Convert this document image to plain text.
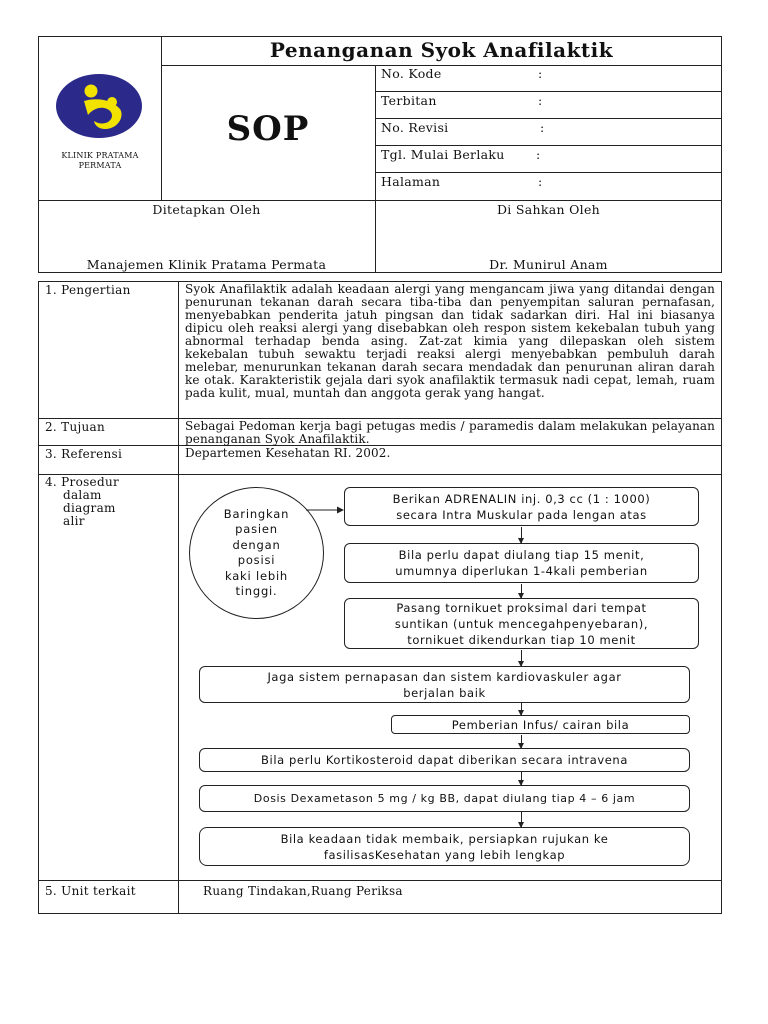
KLINIK PRATAMA
PERMATA
Penanganan Syok Anafilaktik
SOP
No. Kode	:
Terbitan	:
No. Revisi	:
Tgl. Mulai Berlaku	:
Halaman	:
Ditetapkan Oleh
Manajemen Klinik Pratama Permata
Di Sahkan Oleh
Dr. Munirul Anam
1. Pengertian	Syok Anafilaktik adalah keadaan alergi yang mengancam jiwa yang ditandai dengan penurunan tekanan darah secara tiba-tiba dan penyempitan saluran pernafasan, menyebabkan penderita jatuh pingsan dan tidak sadarkan diri. Hal ini biasanya dipicu oleh reaksi alergi yang disebabkan oleh respon sistem kekebalan tubuh yang abnormal terhadap benda asing. Zat-zat kimia yang dilepaskan oleh sistem kekebalan tubuh sewaktu terjadi reaksi alergi menyebabkan pembuluh darah melebar, menurunkan tekanan darah secara mendadak dan penurunan aliran darah ke otak. Karakteristik gejala dari syok anafilaktik termasuk nadi cepat, lemah, ruam pada kulit, mual, muntah dan anggota gerak yang hangat.
2. Tujuan	Sebagai Pedoman kerja bagi petugas medis / paramedis dalam melakukan pelayanan penanganan Syok Anafilaktik.
3. Referensi	Departemen Kesehatan RI. 2002.
4. Prosedur
dalam
diagram
alir
Baringkan
pasien
dengan
posisi
kaki lebih
tinggi.
Berikan ADRENALIN inj. 0,3 cc (1 : 1000)
secara Intra Muskular pada lengan atas
Bila perlu dapat diulang tiap 15 menit,
umumnya diperlukan 1-4kali pemberian
Pasang tornikuet proksimal dari tempat
suntikan (untuk mencegahpenyebaran),
tornikuet dikendurkan tiap 10 menit
Jaga sistem pernapasan dan sistem kardiovaskuler agar
berjalan baik
Pemberian Infus/ cairan bila
Bila perlu Kortikosteroid dapat diberikan secara intravena
Dosis Dexametason 5 mg / kg BB, dapat diulang tiap 4 – 6 jam
Bila keadaan tidak membaik, persiapkan rujukan ke
fasilisasKesehatan yang lebih lengkap
5. Unit terkait	Ruang Tindakan,Ruang Periksa
